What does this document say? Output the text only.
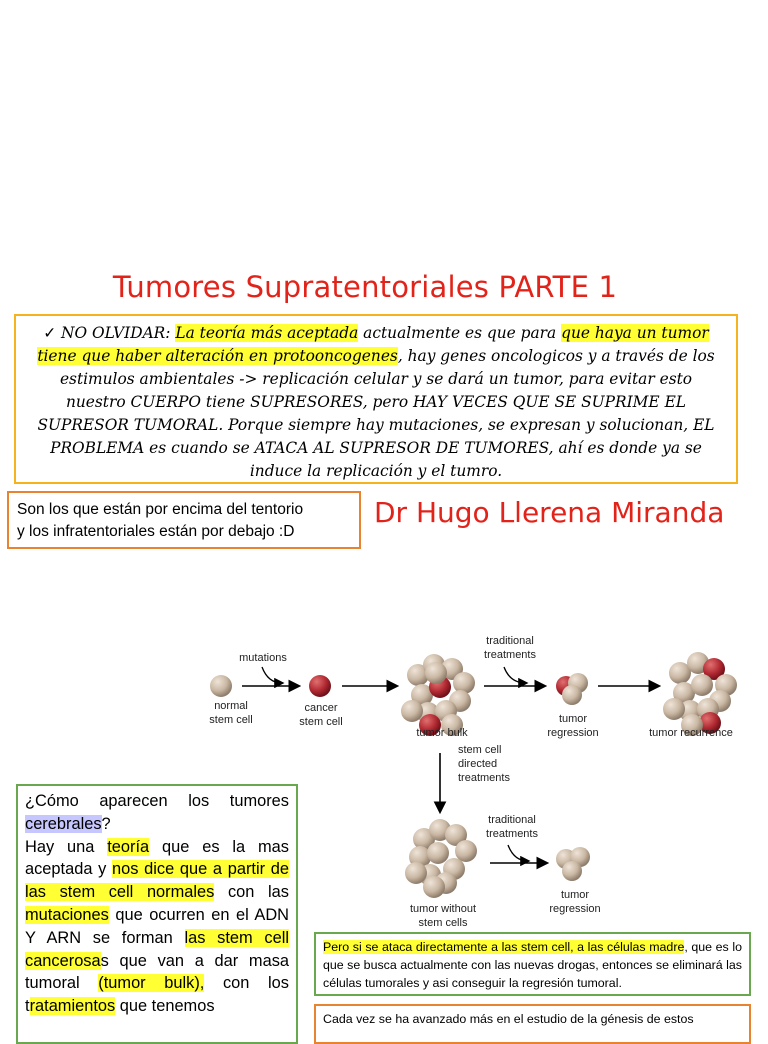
Tumores Supratentoriales PARTE 1
✓ NO OLVIDAR: La teoría más aceptada actualmente es que para que haya un tumor tiene que haber alteración en protooncogenes, hay genes oncologicos y a través de los estimulos ambientales -> replicación celular y se dará un tumor, para evitar esto nuestro CUERPO tiene SUPRESORES, pero HAY VECES QUE SE SUPRIME EL SUPRESOR TUMORAL. Porque siempre hay mutaciones, se expresan y solucionan, EL PROBLEMA es cuando se ATACA AL SUPRESOR DE TUMORES, ahí es donde ya se induce la replicación y el tumro.
Son los que están por encima del tentorio
y los infratentoriales están por debajo :D
Dr Hugo Llerena Miranda
mutations
normal
stem cell
cancer
stem cell
traditional
treatments
tumor bulk
tumor
regression	tumor recurrence
stem cell
directed
treatments
traditional
treatments
tumor without
stem cells
tumor
regression
¿Cómo aparecen los tumores cerebrales?
Hay una teoría que es la mas aceptada y nos dice que a partir de las stem cell normales con las mutaciones que ocurren en el ADN Y ARN se forman las stem cell cancerosas que van a dar masa tumoral (tumor bulk), con los tratamientos que tenemos
Pero si se ataca directamente a las stem cell, a las células madre, que es lo que se busca actualmente con las nuevas drogas, entonces se eliminará las células tumorales y asi conseguir la regresión tumoral.
Cada vez se ha avanzado más en el estudio de la génesis de estos
